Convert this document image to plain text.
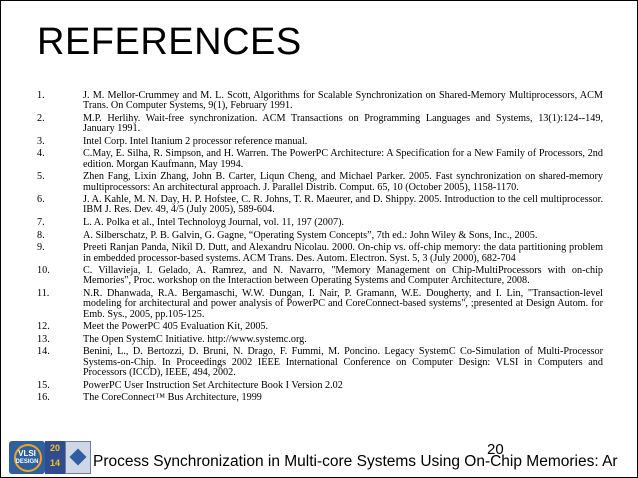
REFERENCES
1.	J. M. Mellor-Crummey and M. L. Scott, Algorithms for Scalable Synchronization on Shared-Memory Multiprocessors, ACM Trans. On Computer Systems, 9(1), February 1991.
2.	M.P. Herlihy. Wait-free synchronization. ACM Transactions on Programming Languages and Systems, 13(1):124--149, January 1991.
3.	Intel Corp. Intel Itanium 2 processor reference manual.
4.	C.May, E. Silha, R. Simpson, and H. Warren. The PowerPC Architecture: A Specification for a New Family of Processors, 2nd edition. Morgan Kaufmann, May 1994.
5.	Zhen Fang, Lixin Zhang, John B. Carter, Liqun Cheng, and Michael Parker. 2005. Fast synchronization on shared-memory multiprocessors: An architectural approach. J. Parallel Distrib. Comput. 65, 10 (October 2005), 1158-1170.
6.	J. A. Kahle, M. N. Day, H. P. Hofstee, C. R. Johns, T. R. Maeurer, and D. Shippy. 2005. Introduction to the cell multiprocessor. IBM J. Res. Dev. 49, 4/5 (July 2005), 589-604.
7.	L. A. Polka et al., Intel Technoloyg Journal, vol. 11, 197 (2007).
8.	A. Silberschatz, P. B. Galvin, G. Gagne, “Operating System Concepts”, 7th ed.: John Wiley & Sons, Inc., 2005.
9.	Preeti Ranjan Panda, Nikil D. Dutt, and Alexandru Nicolau. 2000. On-chip vs. off-chip memory: the data partitioning problem in embedded processor-based systems. ACM Trans. Des. Autom. Electron. Syst. 5, 3 (July 2000), 682-704
10.	C. Villavieja, I. Gelado, A. Ramrez, and N. Navarro, "Memory Management on Chip-MultiProcessors with on-chip Memories", Proc. workshop on the Interaction between Operating Systems and Computer Architecture, 2008.
11.	N.R. Dhanwada, R.A. Bergamaschi, W.W. Dungan, I. Nair, P. Gramann, W.E. Dougherty, and I. Lin, "Transaction-level modeling for architectural and power analysis of PowerPC and CoreConnect-based systems", ;presented at Design Autom. for Emb. Sys., 2005, pp.105-125.
12.	Meet the PowerPC 405 Evaluation Kit, 2005.
13.	The Open SystemC Initiative. http://www.systemc.org.
14.	Benini, L., D. Bertozzi, D. Bruni, N. Drago, F. Fummi, M. Poncino. Legacy SystemC Co-Simulation of Multi-Processor Systems-on-Chip. In Proceedings 2002 IEEE International Conference on Computer Design: VLSI in Computers and Processors (ICCD), IEEE, 494, 2002.
15.	PowerPC User Instruction Set Architecture Book I Version 2.02
16.	The CoreConnect™ Bus Architecture, 1999
VLSI
DESIGN
20
14
20
Process Synchronization in Multi-core Systems Using On-Chip Memories: Ar
